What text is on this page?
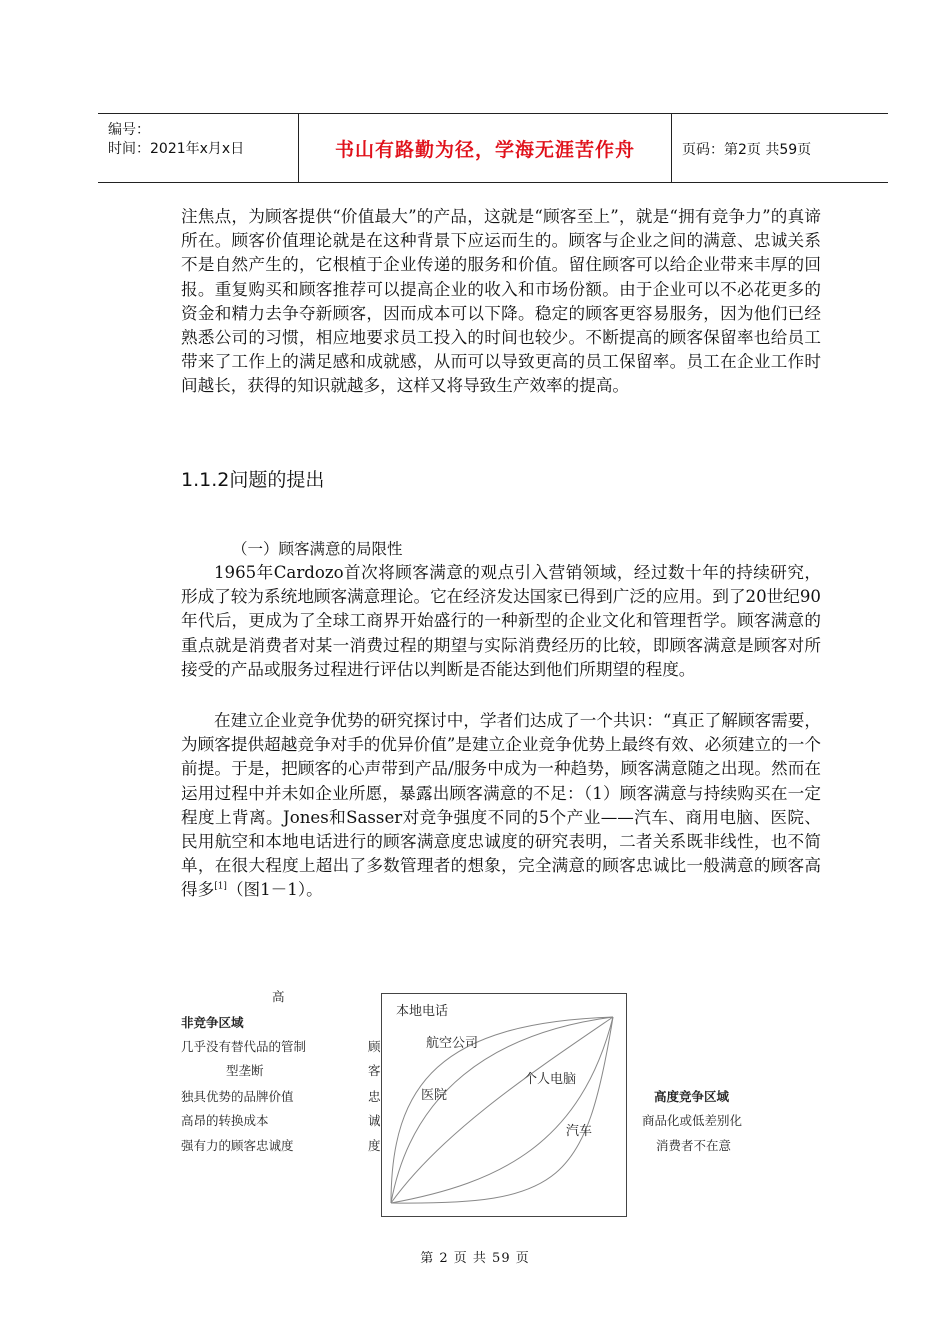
编号：
时间：2021年x月x日	书山有路勤为径，学海无涯苦作舟	页码：第2页 共59页
注焦点，为顾客提供“价值最大”的产品，这就是“顾客至上”，就是“拥有竞争力”的真谛所在。顾客价值理论就是在这种背景下应运而生的。顾客与企业之间的满意、忠诚关系不是自然产生的，它根植于企业传递的服务和价值。留住顾客可以给企业带来丰厚的回报。重复购买和顾客推荐可以提高企业的收入和市场份额。由于企业可以不必花更多的资金和精力去争夺新顾客，因而成本可以下降。稳定的顾客更容易服务，因为他们已经熟悉公司的习惯，相应地要求员工投入的时间也较少。不断提高的顾客保留率也给员工带来了工作上的满足感和成就感，从而可以导致更高的员工保留率。员工在企业工作时间越长，获得的知识就越多，这样又将导致生产效率的提高。
1.1.2问题的提出
（一）顾客满意的局限性
1965年Cardozo首次将顾客满意的观点引入营销领域，经过数十年的持续研究，形成了较为系统地顾客满意理论。它在经济发达国家已得到广泛的应用。到了20世纪90年代后，更成为了全球工商界开始盛行的一种新型的企业文化和管理哲学。顾客满意的重点就是消费者对某一消费过程的期望与实际消费经历的比较，即顾客满意是顾客对所接受的产品或服务过程进行评估以判断是否能达到他们所期望的程度。
在建立企业竞争优势的研究探讨中，学者们达成了一个共识：“真正了解顾客需要，为顾客提供超越竞争对手的优异价值”是建立企业竞争优势上最终有效、必须建立的一个前提。于是，把顾客的心声带到产品/服务中成为一种趋势，顾客满意随之出现。然而在运用过程中并未如企业所愿，暴露出顾客满意的不足：（1）顾客满意与持续购买在一定程度上背离。Jones和Sasser对竞争强度不同的5个产业——汽车、商用电脑、医院、民用航空和本地电话进行的顾客满意度忠诚度的研究表明，二者关系既非线性，也不简单，在很大程度上超出了多数管理者的想象，完全满意的顾客忠诚比一般满意的顾客高得多[1]（图1－1）。
高
非竞争区域
几乎没有替代品的管制
型垄断
独具优势的品牌价值
高昂的转换成本
强有力的顾客忠诚度
顾
客
忠
诚
度
本地电话
航空公司
个人电脑
医院
汽车
高度竞争区域
商品化或低差别化
消费者不在意
第 2 页 共 59 页
